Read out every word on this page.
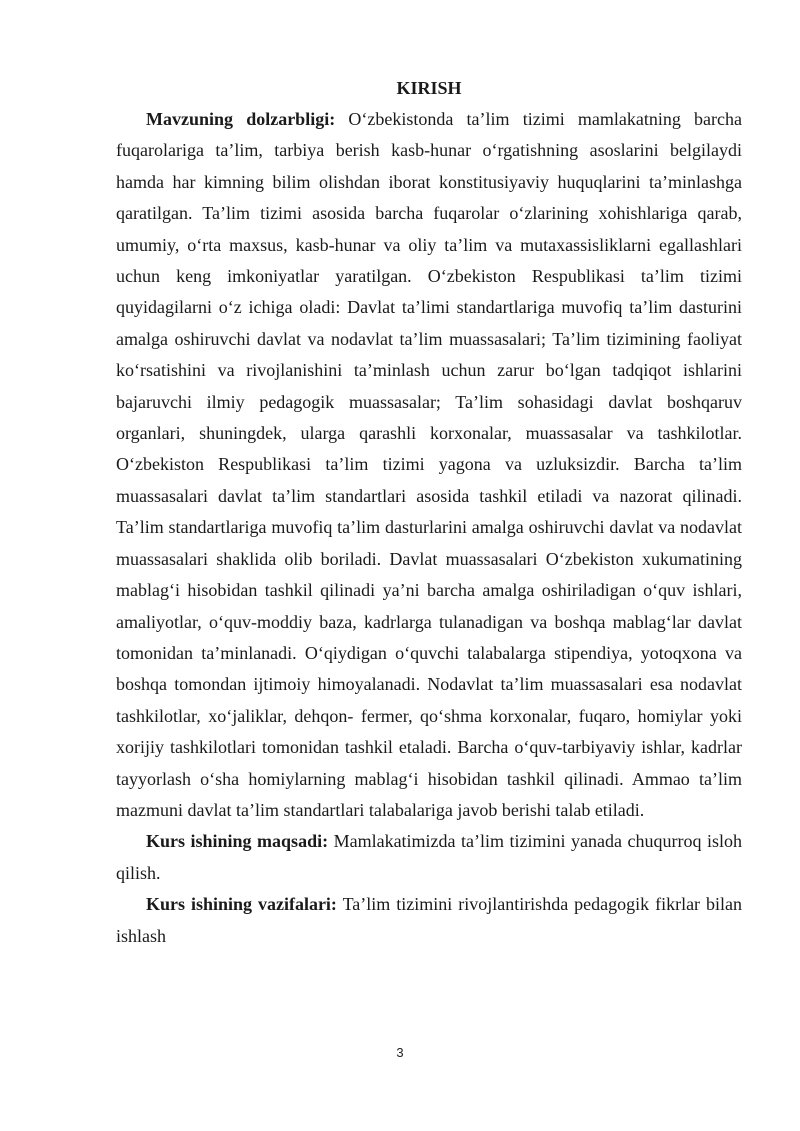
KIRISH

Mavzuning dolzarbligi: O‘zbekistonda ta’lim tizimi mamlakatning barcha fuqarolariga ta’lim, tarbiya berish kasb-hunar o‘rgatishning asoslarini belgilaydi hamda har kimning bilim olishdan iborat konstitusiyaviy huquqlarini ta’minlashga qaratilgan. Ta’lim tizimi asosida barcha fuqarolar o‘zlarining xohishlariga qarab, umumiy, o‘rta maxsus, kasb-hunar va oliy ta’lim va mutaxassisliklarni egallashlari uchun keng imkoniyatlar yaratilgan. O‘zbekiston Respublikasi ta’lim tizimi quyidagilarni o‘z ichiga oladi: Davlat ta’limi standartlariga muvofiq ta’lim dasturini amalga oshiruvchi davlat va nodavlat ta’lim muassasalari; Ta’lim tizimining faoliyat ko‘rsatishini va rivojlanishini ta’minlash uchun zarur bo‘lgan tadqiqot ishlarini bajaruvchi ilmiy pedagogik muassasalar; Ta’lim sohasidagi davlat boshqaruv organlari, shuningdek, ularga qarashli korxonalar, muassasalar va tashkilotlar. O‘zbekiston Respublikasi ta’lim tizimi yagona va uzluksizdir. Barcha ta’lim muassasalari davlat ta’lim standartlari asosida tashkil etiladi va nazorat qilinadi. Ta’lim standartlariga muvofiq ta’lim dasturlarini amalga oshiruvchi davlat va nodavlat muassasalari shaklida olib boriladi. Davlat muassasalari O‘zbekiston xukumatining mablag‘i hisobidan tashkil qilinadi ya’ni barcha amalga oshiriladigan o‘quv ishlari, amaliyotlar, o‘quv-moddiy baza, kadrlarga tulanadigan va boshqa mablag‘lar davlat tomonidan ta’minlanadi. O‘qiydigan o‘quvchi talabalarga stipendiya, yotoqxona va boshqa tomondan ijtimoiy himoyalanadi. Nodavlat ta’lim muassasalari esa nodavlat tashkilotlar, xo‘jaliklar, dehqon- fermer, qo‘shma korxonalar, fuqaro, homiylar yoki xorijiy tashkilotlari tomonidan tashkil etaladi. Barcha o‘quv-tarbiyaviy ishlar, kadrlar tayyorlash o‘sha homiylarning mablag‘i hisobidan tashkil qilinadi. Ammao ta’lim mazmuni davlat ta’lim standartlari talabalariga javob berishi talab etiladi.

Kurs ishining maqsadi: Mamlakatimizda ta’lim tizimini yanada chuqurroq isloh qilish.

Kurs ishining vazifalari: Ta’lim tizimini rivojlantirishda pedagogik fikrlar bilan ishlash

3
